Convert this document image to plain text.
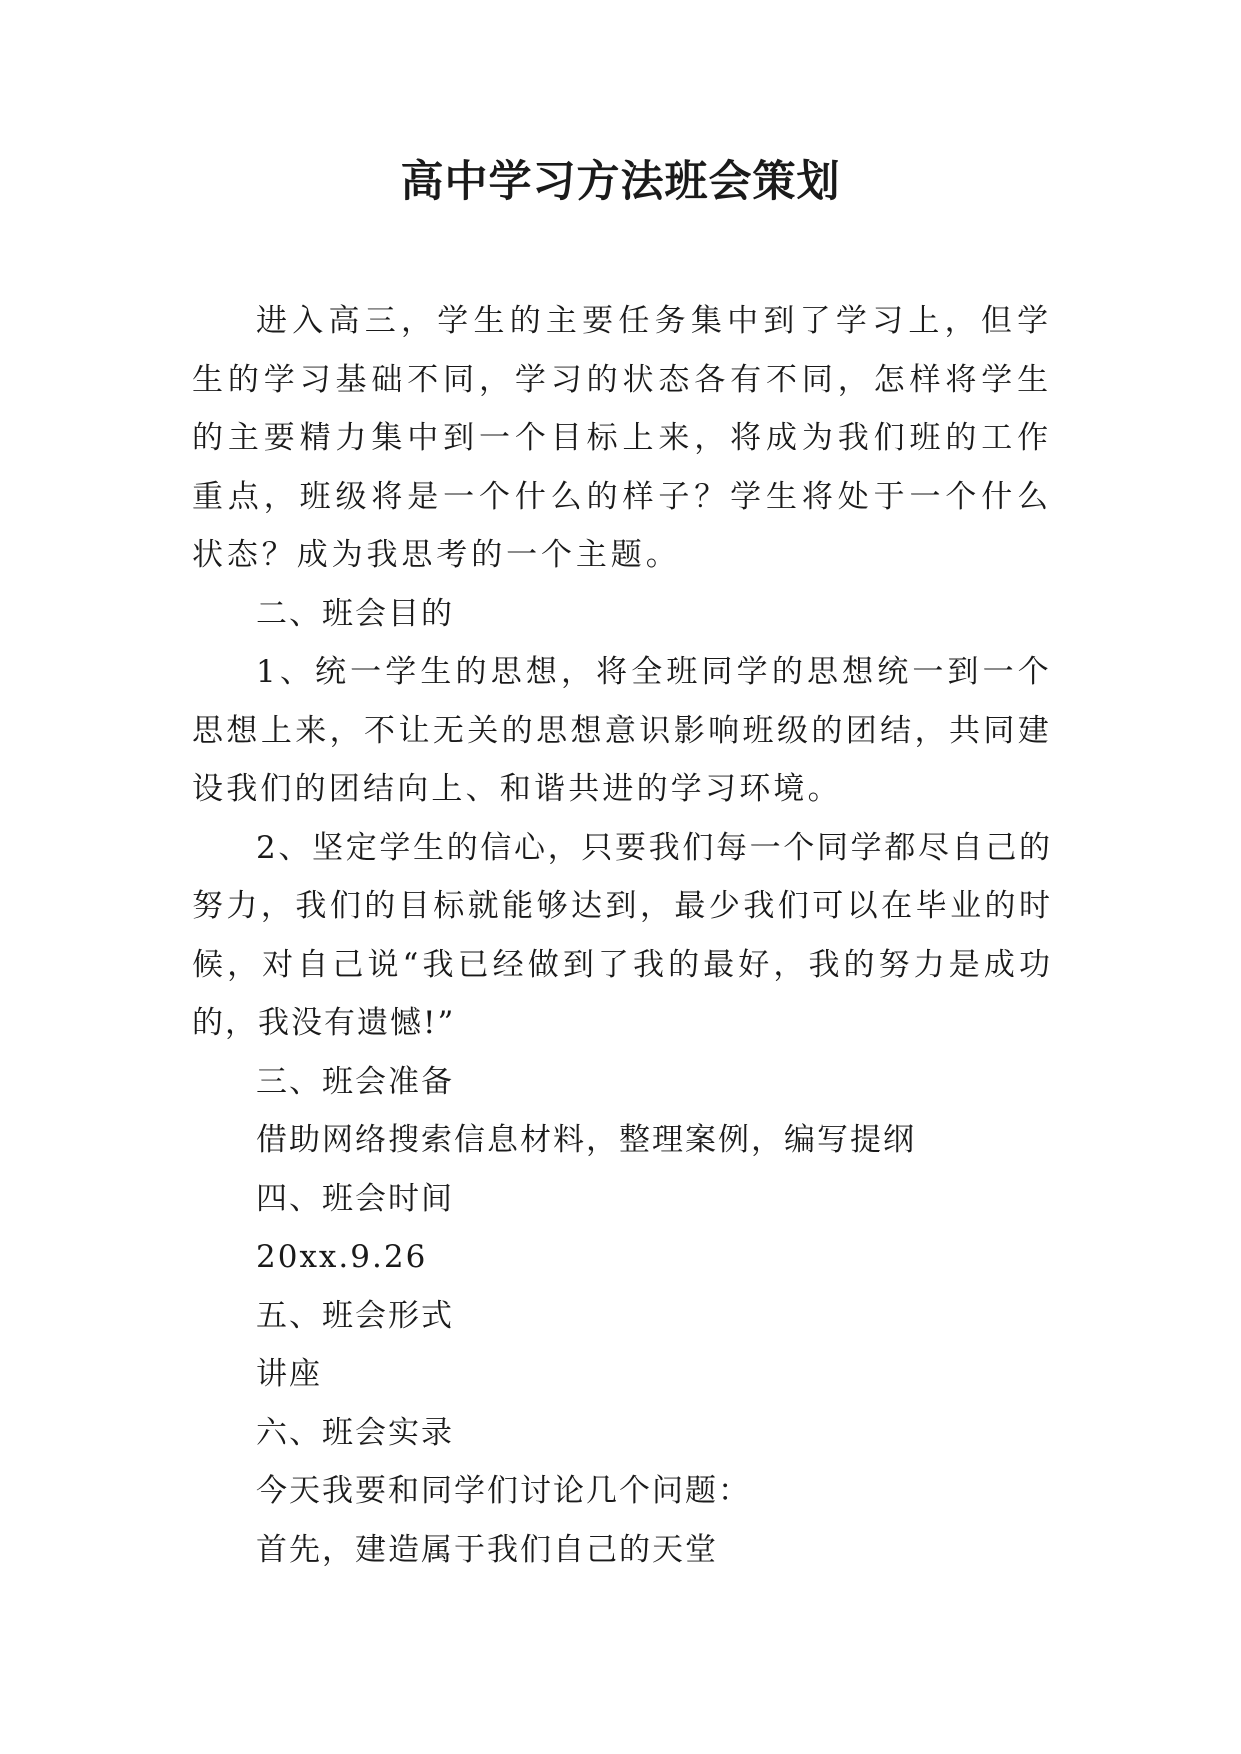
高中学习方法班会策划

进入高三，学生的主要任务集中到了学习上，但学生的学习基础不同，学习的状态各有不同，怎样将学生的主要精力集中到一个目标上来，将成为我们班的工作重点，班级将是一个什么的样子？学生将处于一个什么状态？成为我思考的一个主题。

二、班会目的

1、统一学生的思想，将全班同学的思想统一到一个思想上来，不让无关的思想意识影响班级的团结，共同建设我们的团结向上、和谐共进的学习环境。

2、坚定学生的信心，只要我们每一个同学都尽自己的努力，我们的目标就能够达到，最少我们可以在毕业的时候，对自己说“我已经做到了我的最好，我的努力是成功的，我没有遗憾!”

三、班会准备

借助网络搜索信息材料，整理案例，编写提纲

四、班会时间

20xx.9.26

五、班会形式

讲座

六、班会实录

今天我要和同学们讨论几个问题：

首先，建造属于我们自己的天堂
